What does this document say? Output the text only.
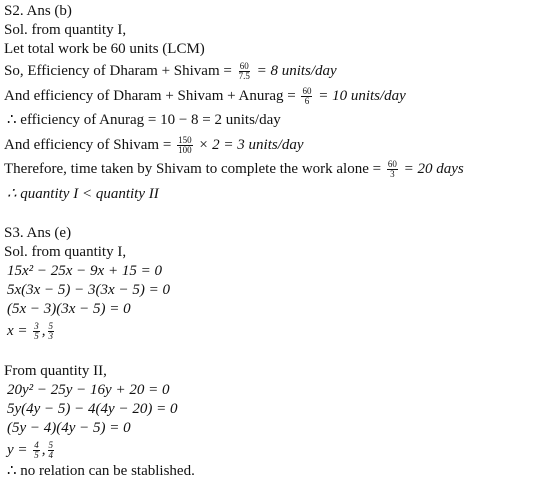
S2. Ans (b)
Sol. from quantity I,
Let total work be 60 units (LCM)
So, Efficiency of Dharam + Shivam = $\frac{60}{7.5} = 8$ units/day
And efficiency of Dharam + Shivam + Anurag = $\frac{60}{6} = 10$ units/day
∴ efficiency of Anurag = 10 − 8 = 2 units/day
And efficiency of Shivam = $\frac{150}{100} \times 2 = 3$ units/day
Therefore, time taken by Shivam to complete the work alone = $\frac{60}{3} = 20$ days
∴ quantity I < quantity II
S3. Ans (e)
Sol. from quantity I,
15x² − 25x − 9x + 15 = 0
5x(3x − 5) − 3(3x − 5) = 0
(5x − 3)(3x − 5) = 0
$x = \frac{3}{5}$ , $\frac{5}{3}$
From quantity II,
20y² − 25y − 16y + 20 = 0
5y(4y − 5) − 4(4y − 20) = 0
(5y − 4)(4y − 5) = 0
$y = \frac{4}{5}$ , $\frac{5}{4}$
∴ no relation can be stablished.
